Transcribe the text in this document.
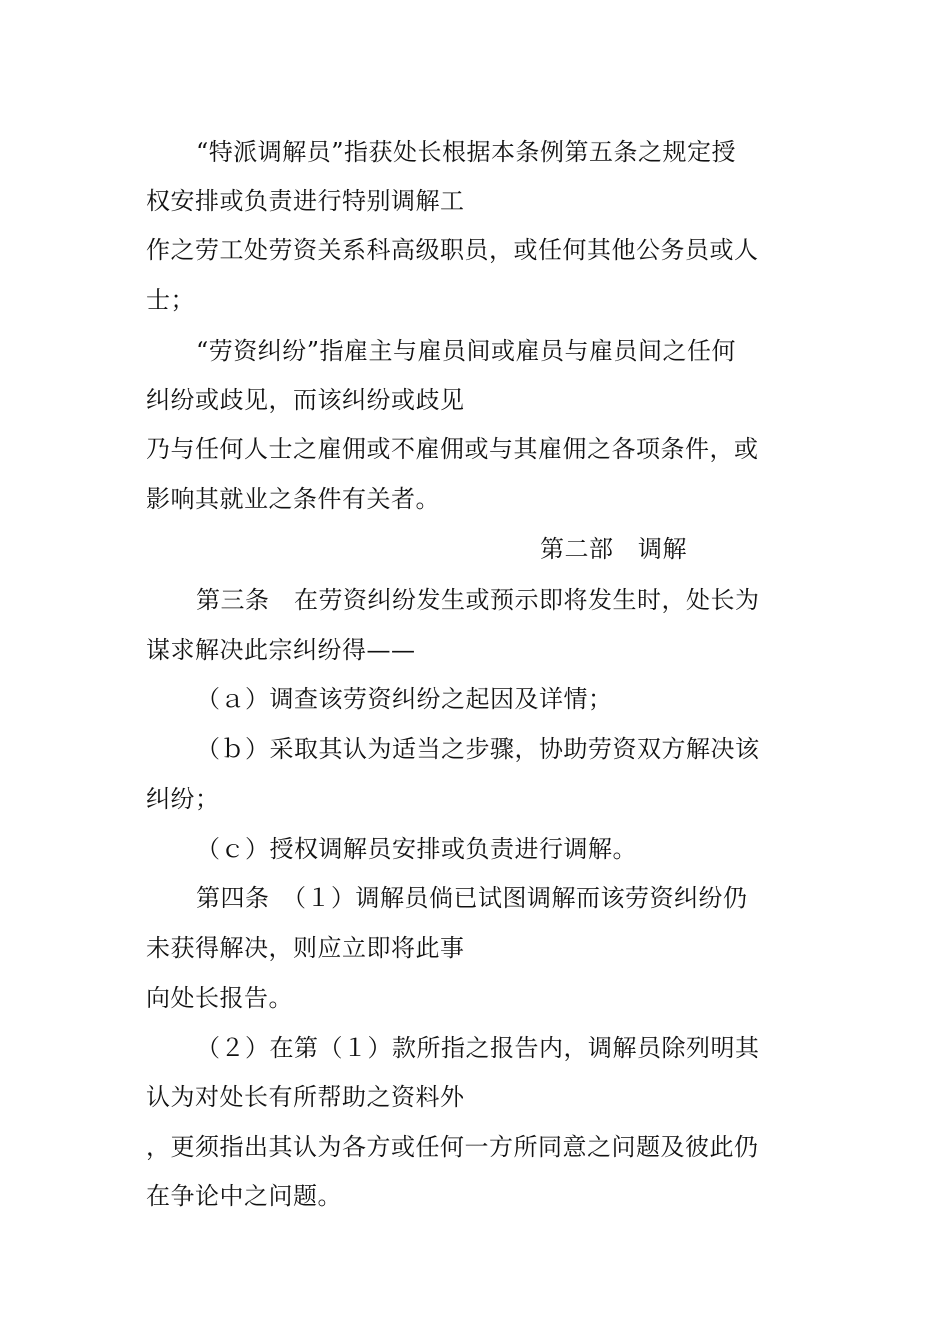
“特派调解员”指获处长根据本条例第五条之规定授
权安排或负责进行特别调解工
作之劳工处劳资关系科高级职员，或任何其他公务员或人
士；
“劳资纠纷”指雇主与雇员间或雇员与雇员间之任何
纠纷或歧见，而该纠纷或歧见
乃与任何人士之雇佣或不雇佣或与其雇佣之各项条件，或
影响其就业之条件有关者。
第二部　调解
第三条　在劳资纠纷发生或预示即将发生时，处长为
谋求解决此宗纠纷得——
（ａ）调查该劳资纠纷之起因及详情；
（ｂ）采取其认为适当之步骤，协助劳资双方解决该
纠纷；
（ｃ）授权调解员安排或负责进行调解。
第四条　（１）调解员倘已试图调解而该劳资纠纷仍
未获得解决，则应立即将此事
向处长报告。
（２）在第（１）款所指之报告内，调解员除列明其
认为对处长有所帮助之资料外
，更须指出其认为各方或任何一方所同意之问题及彼此仍
在争论中之问题。
